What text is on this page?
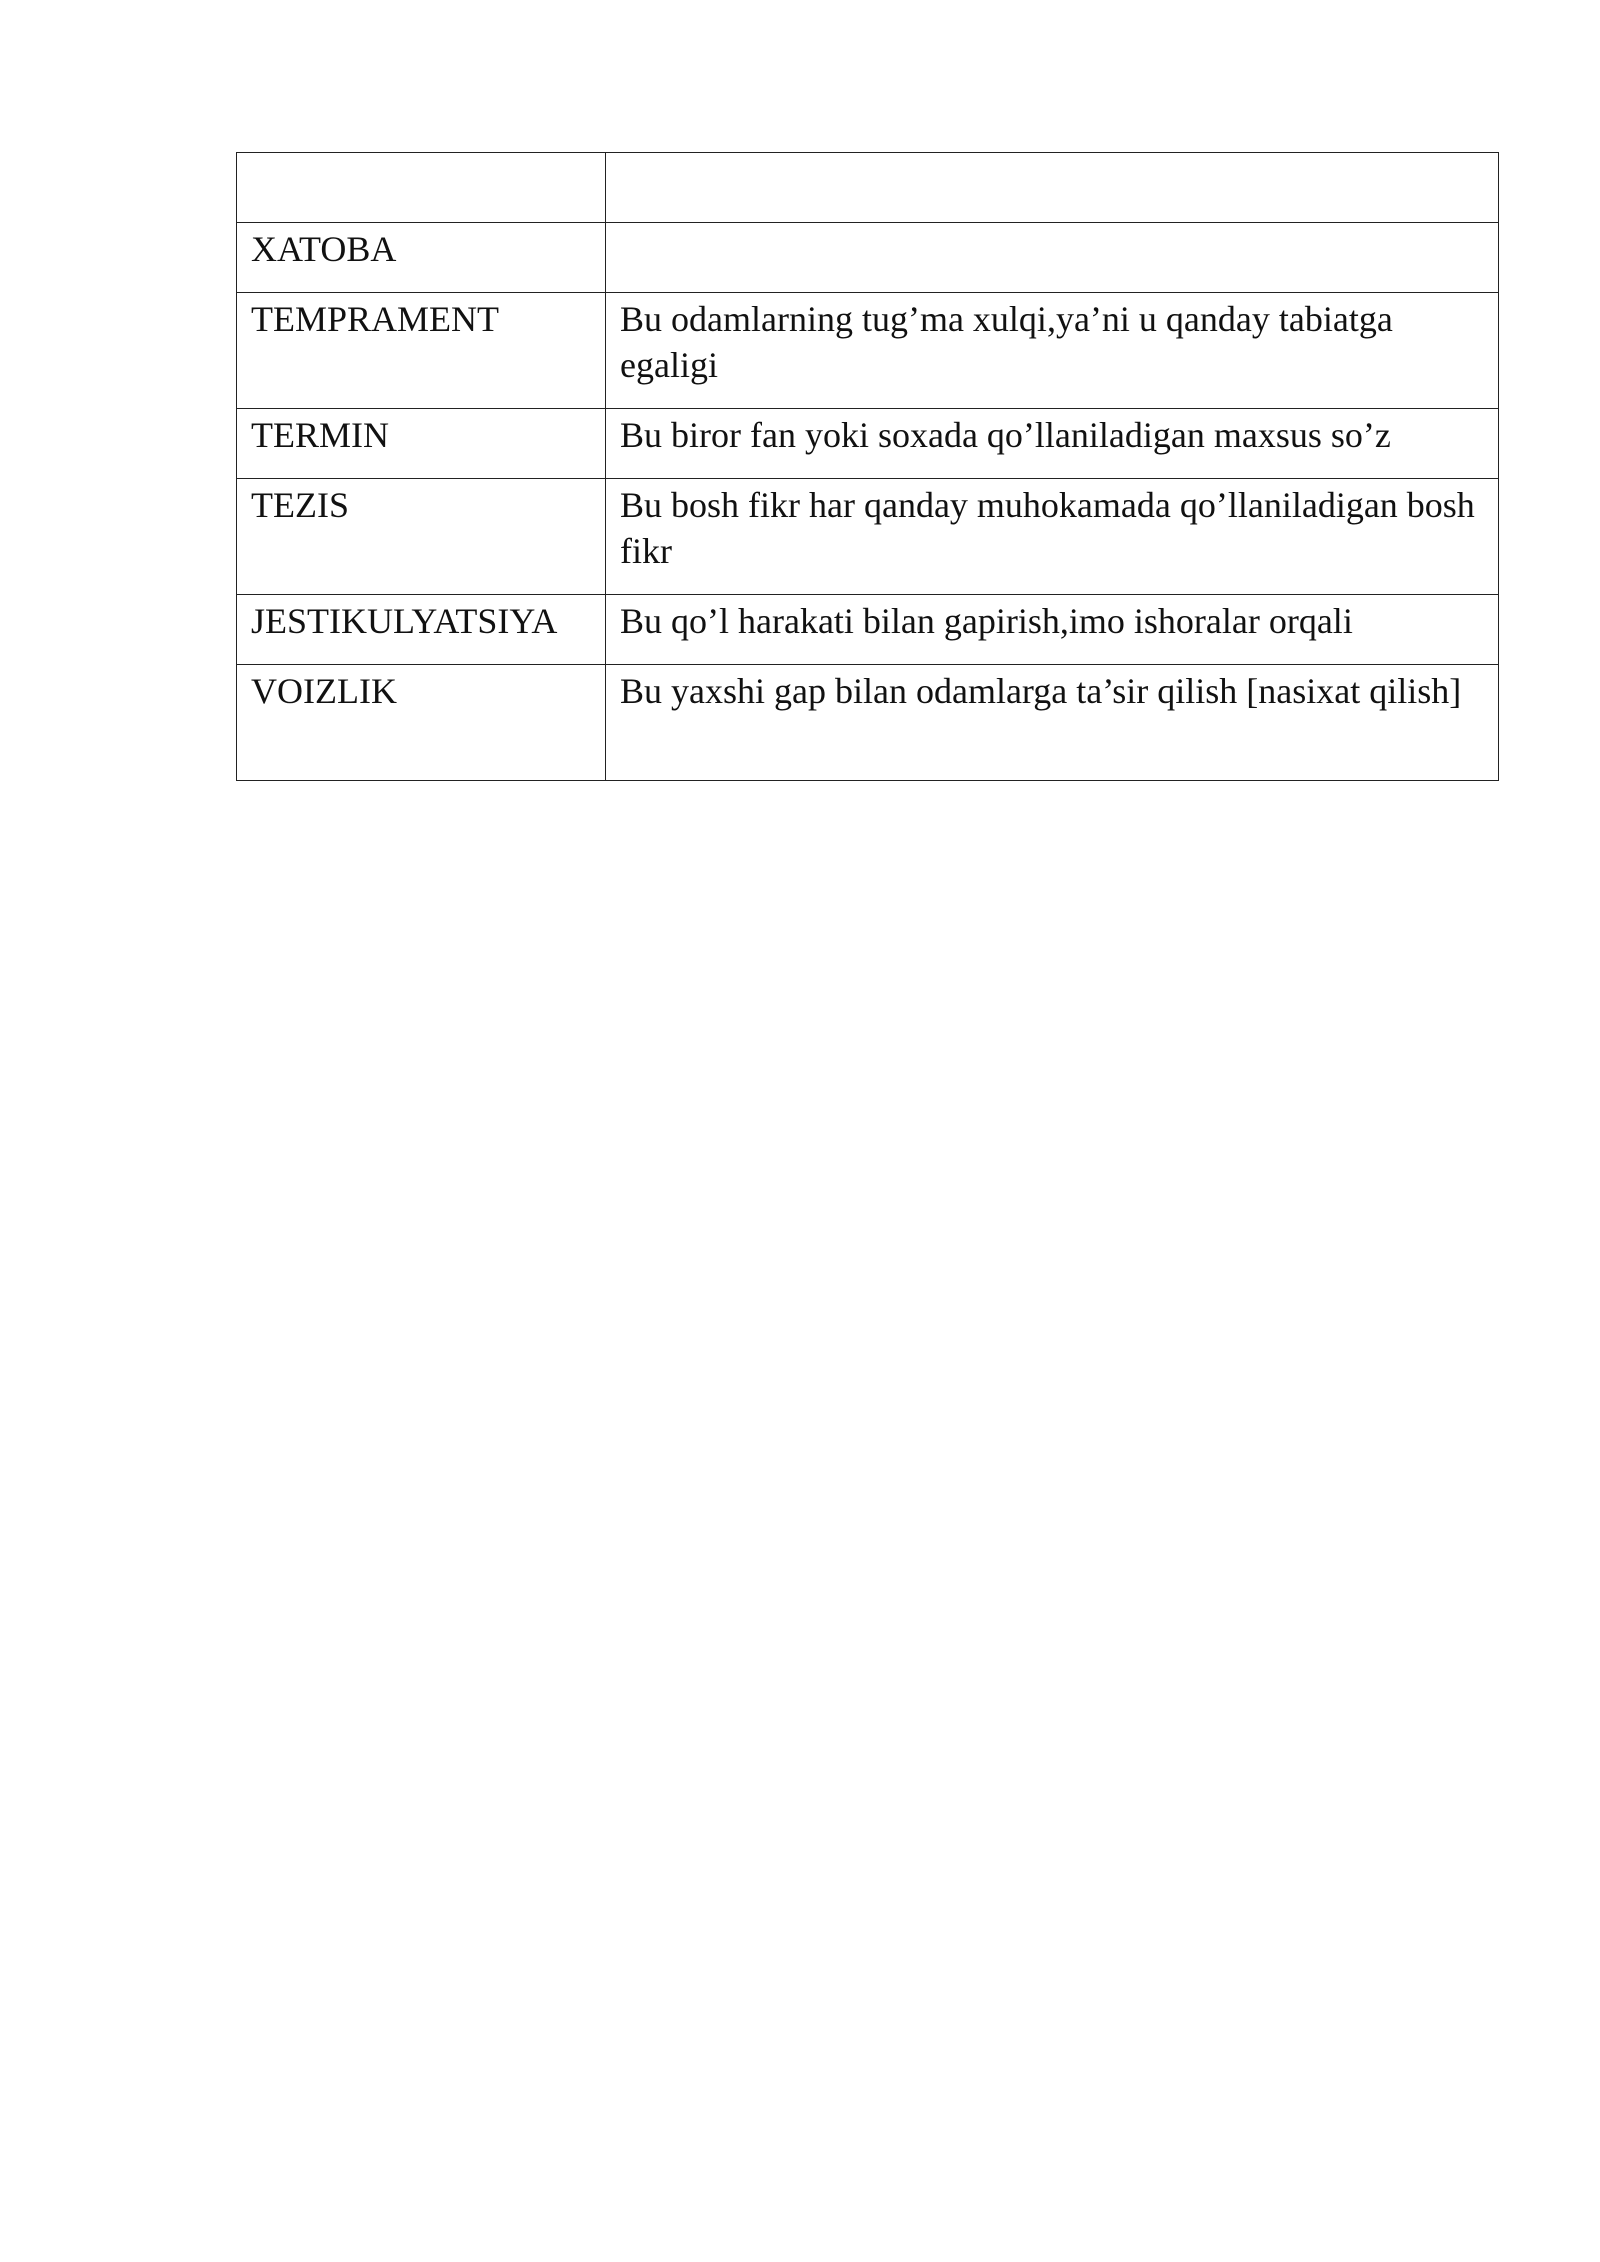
XATOBA	
TEMPRAMENT	Bu odamlarning tug’ma xulqi,ya’ni u qanday tabiatga egaligi
TERMIN	Bu biror fan yoki soxada qo’llaniladigan maxsus so’z
TEZIS	Bu bosh fikr har qanday muhokamada qo’llaniladigan bosh fikr
JESTIKULYATSIYA	Bu qo’l harakati bilan gapirish,imo ishoralar orqali
VOIZLIK	Bu yaxshi gap bilan odamlarga ta’sir qilish [nasixat qilish]
